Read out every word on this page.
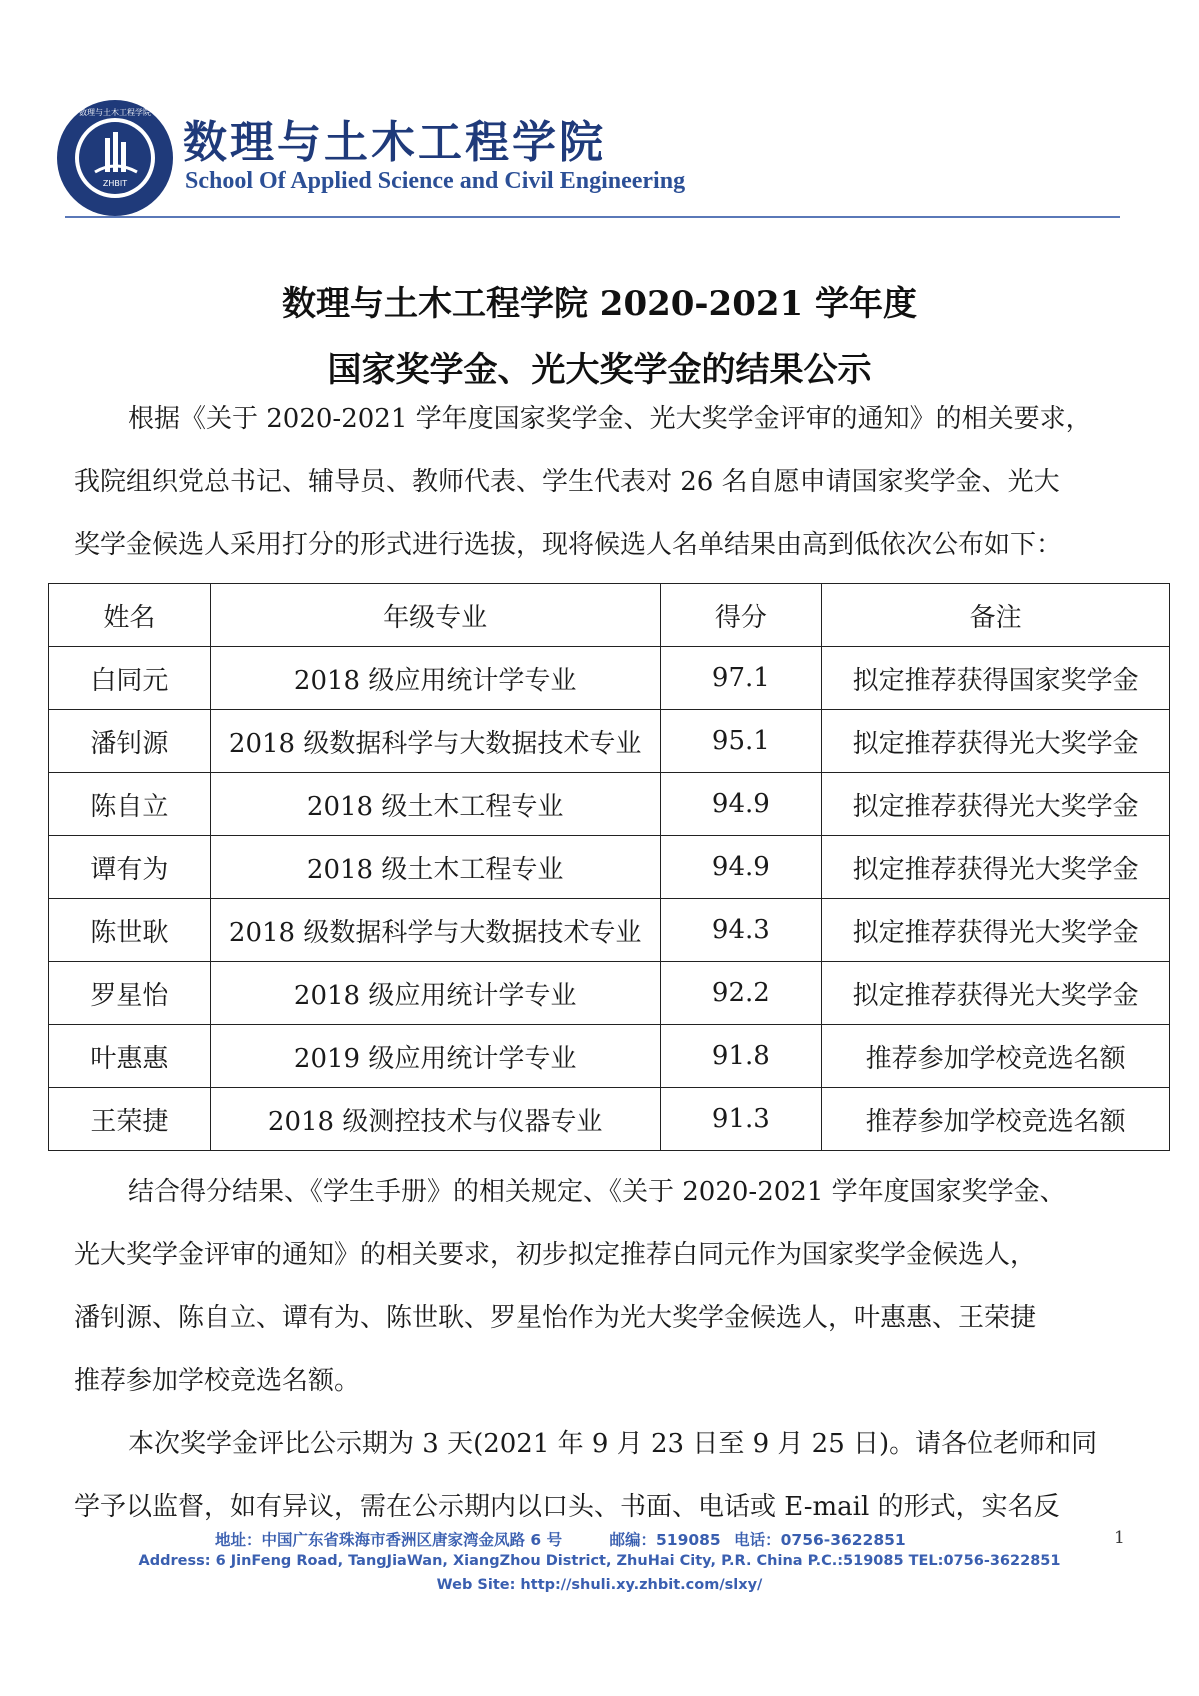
ZHBIT
数理与土木工程学院
数理与土木工程学院
School Of Applied Science and Civil Engineering
数理与土木工程学院 2020-2021 学年度
国家奖学金、光大奖学金的结果公示

根据《关于 2020-2021 学年度国家奖学金、光大奖学金评审的通知》的相关要求，

我院组织党总书记、辅导员、教师代表、学生代表对 26 名自愿申请国家奖学金、光大

奖学金候选人采用打分的形式进行选拔，现将候选人名单结果由高到低依次公布如下：

姓名	年级专业	得分	备注
白同元	2018 级应用统计学专业	97.1	拟定推荐获得国家奖学金
潘钊源	2018 级数据科学与大数据技术专业	95.1	拟定推荐获得光大奖学金
陈自立	2018 级土木工程专业	94.9	拟定推荐获得光大奖学金
谭有为	2018 级土木工程专业	94.9	拟定推荐获得光大奖学金
陈世耿	2018 级数据科学与大数据技术专业	94.3	拟定推荐获得光大奖学金
罗星怡	2018 级应用统计学专业	92.2	拟定推荐获得光大奖学金
叶惠惠	2019 级应用统计学专业	91.8	推荐参加学校竞选名额
王荣捷	2018 级测控技术与仪器专业	91.3	推荐参加学校竞选名额

结合得分结果、《学生手册》的相关规定、《关于 2020-2021 学年度国家奖学金、

光大奖学金评审的通知》的相关要求，初步拟定推荐白同元作为国家奖学金候选人，

潘钊源、陈自立、谭有为、陈世耿、罗星怡作为光大奖学金候选人，叶惠惠、王荣捷

推荐参加学校竞选名额。

本次奖学金评比公示期为 3 天(2021 年 9 月 23 日至 9 月 25 日)。请各位老师和同

学予以监督，如有异议，需在公示期内以口头、书面、电话或 E-mail 的形式，实名反

地址：中国广东省珠海市香洲区唐家湾金凤路 6 号	邮编：519085 电话：0756-3622851	1
Address: 6 JinFeng Road, TangJiaWan, XiangZhou District, ZhuHai City, P.R. China P.C.:519085 TEL:0756-3622851
Web Site: http://shuli.xy.zhbit.com/slxy/
